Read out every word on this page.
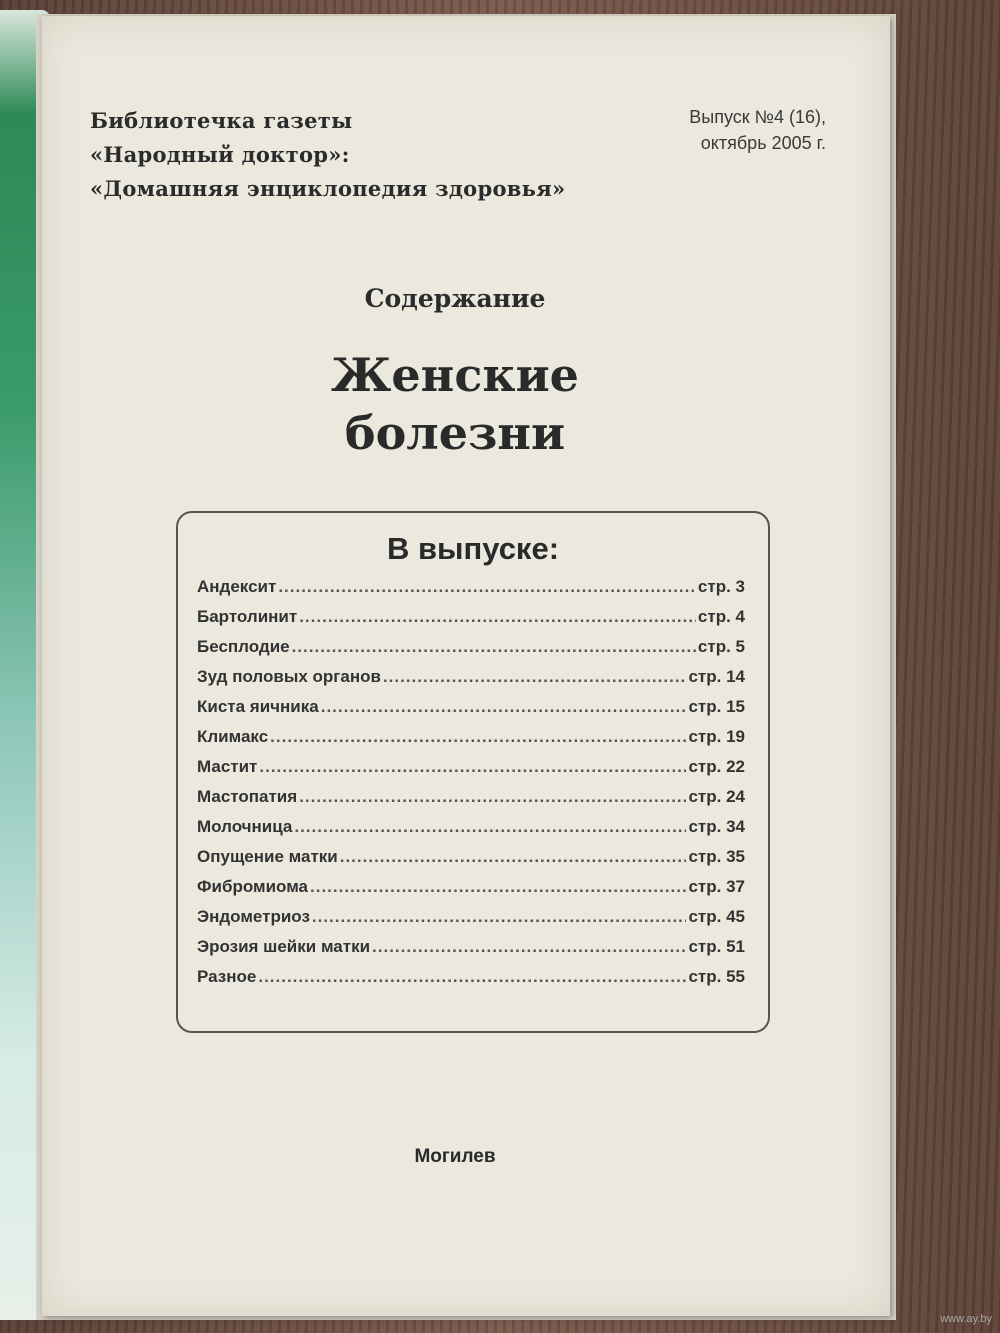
Библиотечка газеты
«Народный доктор»:
«Домашняя энциклопедия здоровья»
Выпуск №4 (16),
октябрь 2005 г.
Содержание
Женские
болезни
В выпуске:
Андексит .....	стр. 3
Бартолинит .....	стр. 4
Бесплодие .....	стр. 5
Зуд половых органов .....	стр. 14
Киста яичника .....	стр. 15
Климакс .....	стр. 19
Мастит .....	стр. 22
Мастопатия .....	стр. 24
Молочница .....	стр. 34
Опущение матки .....	стр. 35
Фибромиома .....	стр. 37
Эндометриоз .....	стр. 45
Эрозия шейки матки .....	стр. 51
Разное .....	стр. 55
Могилев
www.ay.by
